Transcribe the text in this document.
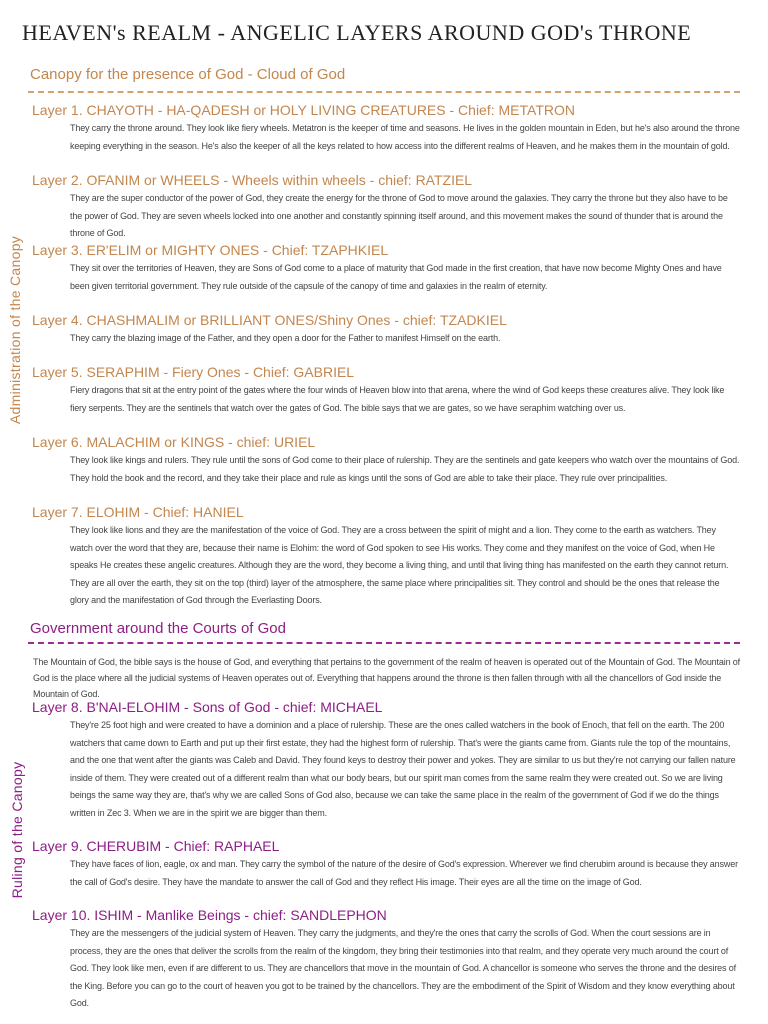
HEAVEN's REALM - ANGELIC LAYERS AROUND GOD's THRONE
Canopy for the presence of God - Cloud of God
Administration of the Canopy
Layer 1. CHAYOTH - HA-QADESH or HOLY LIVING CREATURES - Chief: METATRON
They carry the throne around. They look like fiery wheels. Metatron is the keeper of time and seasons. He lives in the golden mountain in Eden, but he's also around the throne keeping everything in the season. He's also the keeper of all the keys related to how access into the different realms of Heaven, and he makes them in the mountain of gold.
Layer 2. OFANIM or WHEELS - Wheels within wheels - chief: RATZIEL
They are the super conductor of the power of God, they create the energy for the throne of God to move around the galaxies. They carry the throne but they also have to be the power of God. They are seven wheels locked into one another and constantly spinning itself around, and this movement makes the sound of thunder that is around the throne of God.
Layer 3. ER'ELIM or MIGHTY ONES - Chief: TZAPHKIEL
They sit over the territories of Heaven, they are Sons of God come to a place of maturity that God made in the first creation, that have now become Mighty Ones and have been given territorial government. They rule outside of the capsule of the canopy of time and galaxies in the realm of eternity.
Layer 4. CHASHMALIM or BRILLIANT ONES/Shiny Ones - chief: TZADKIEL
They carry the blazing image of the Father, and they open a door for the Father to manifest Himself on the earth.
Layer 5. SERAPHIM - Fiery Ones - Chief: GABRIEL
Fiery dragons that sit at the entry point of the gates where the four winds of Heaven blow into that arena, where the wind of God keeps these creatures alive. They look like fiery serpents. They are the sentinels that watch over the gates of God. The bible says that we are gates, so we have seraphim watching over us.
Layer 6. MALACHIM or KINGS - chief: URIEL
They look like kings and rulers. They rule until the sons of God come to their place of rulership. They are the sentinels and gate keepers who watch over the mountains of God. They hold the book and the record, and they take their place and rule as kings until the sons of God are able to take their place. They rule over principalities.
Layer 7. ELOHIM - Chief: HANIEL
They look like lions and they are the manifestation of the voice of God. They are a cross between the spirit of might and a lion. They come to the earth as watchers. They watch over the word that they are, because their name is Elohim: the word of God spoken to see His works. They come and they manifest on the voice of God, when He speaks He creates these angelic creatures. Although they are the word, they become a living thing, and until that living thing has manifested on the earth they cannot return. They are all over the earth, they sit on the top (third) layer of the atmosphere, the same place where principalities sit. They control and should be the ones that release the glory and the manifestation of God through the Everlasting Doors.
Government around the Courts of God
Ruling of the Canopy
The Mountain of God, the bible says is the house of God, and everything that pertains to the government of the realm of heaven is operated out of the Mountain of God. The Mountain of God is the place where all the judicial systems of Heaven operates out of. Everything that happens around the throne is then fallen through with all the chancellors of God inside the Mountain of God.
Layer 8. B'NAI-ELOHIM - Sons of God - chief: MICHAEL
They're 25 foot high and were created to have a dominion and a place of rulership. These are the ones called watchers in the book of Enoch, that fell on the earth. The 200 watchers that came down to Earth and put up their first estate, they had the highest form of rulership. That's were the giants came from. Giants rule the top of the mountains, and the one that went after the giants was Caleb and David. They found keys to destroy their power and yokes. They are similar to us but they're not carrying our fallen nature inside of them. They were created out of a different realm than what our body bears, but our spirit man comes from the same realm they were created out. So we are living beings the same way they are, that's why we are called Sons of God also, because we can take the same place in the realm of the government of God if we do the things written in Zec 3. When we are in the spirit we are bigger than them.
Layer 9. CHERUBIM - Chief: RAPHAEL
They have faces of lion, eagle, ox and man. They carry the symbol of the nature of the desire of God's expression. Wherever we find cherubim around is because they answer the call of God's desire. They have the mandate to answer the call of God and they reflect His image. Their eyes are all the time on the image of God.
Layer 10. ISHIM - Manlike Beings - chief: SANDLEPHON
They are the messengers of the judicial system of Heaven. They carry the judgments, and they're the ones that carry the scrolls of God. When the court sessions are in process, they are the ones that deliver the scrolls from the realm of the kingdom, they bring their testimonies into that realm, and they operate very much around the court of God. They look like men, even if are different to us. They are chancellors that move in the mountain of God. A chancellor is someone who serves the throne and the desires of the King. Before you can go to the court of heaven you got to be trained by the chancellors. They are the embodiment of the Spirit of Wisdom and they know everything about God.
